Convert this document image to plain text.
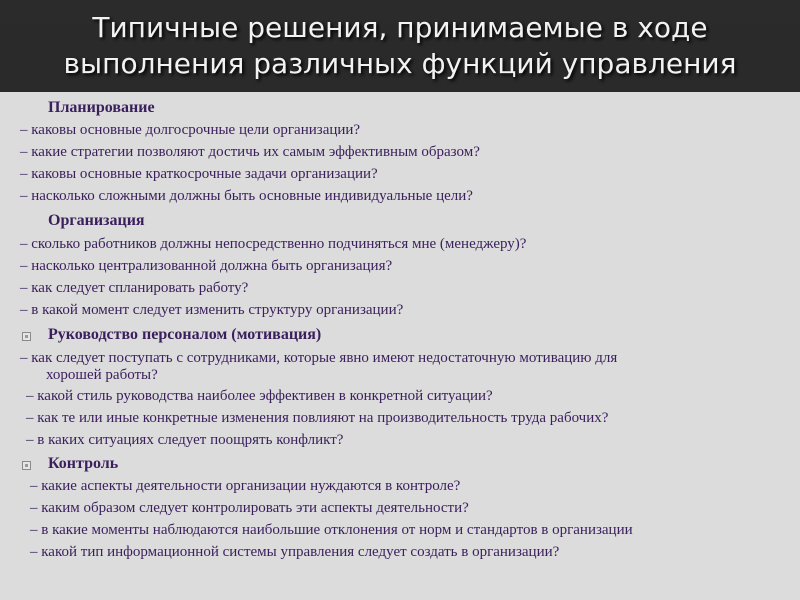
Типичные решения, принимаемые в ходе
выполнения различных функций управления
Планирование
– каковы основные долгосрочные цели организации?
– какие стратегии позволяют достичь их самым эффективным образом?
– каковы основные краткосрочные задачи организации?
– насколько сложными должны быть основные индивидуальные цели?
Организация
– сколько работников должны непосредственно подчиняться мне (менеджеру)?
– насколько централизованной должна быть организация?
– как следует спланировать работу?
– в какой момент следует изменить структуру организации?
Руководство персоналом (мотивация)
– как следует поступать с сотрудниками, которые явно имеют недостаточную мотивацию для
хорошей работы?
– какой стиль руководства наиболее эффективен в конкретной ситуации?
– как те или иные конкретные изменения повлияют на производительность труда рабочих?
– в каких ситуациях следует поощрять конфликт?
Контроль
– какие аспекты деятельности организации нуждаются в контроле?
– каким образом следует контролировать эти аспекты деятельности?
– в какие моменты наблюдаются наибольшие отклонения от норм и стандартов в организации
– какой тип информационной системы управления следует создать в организации?
